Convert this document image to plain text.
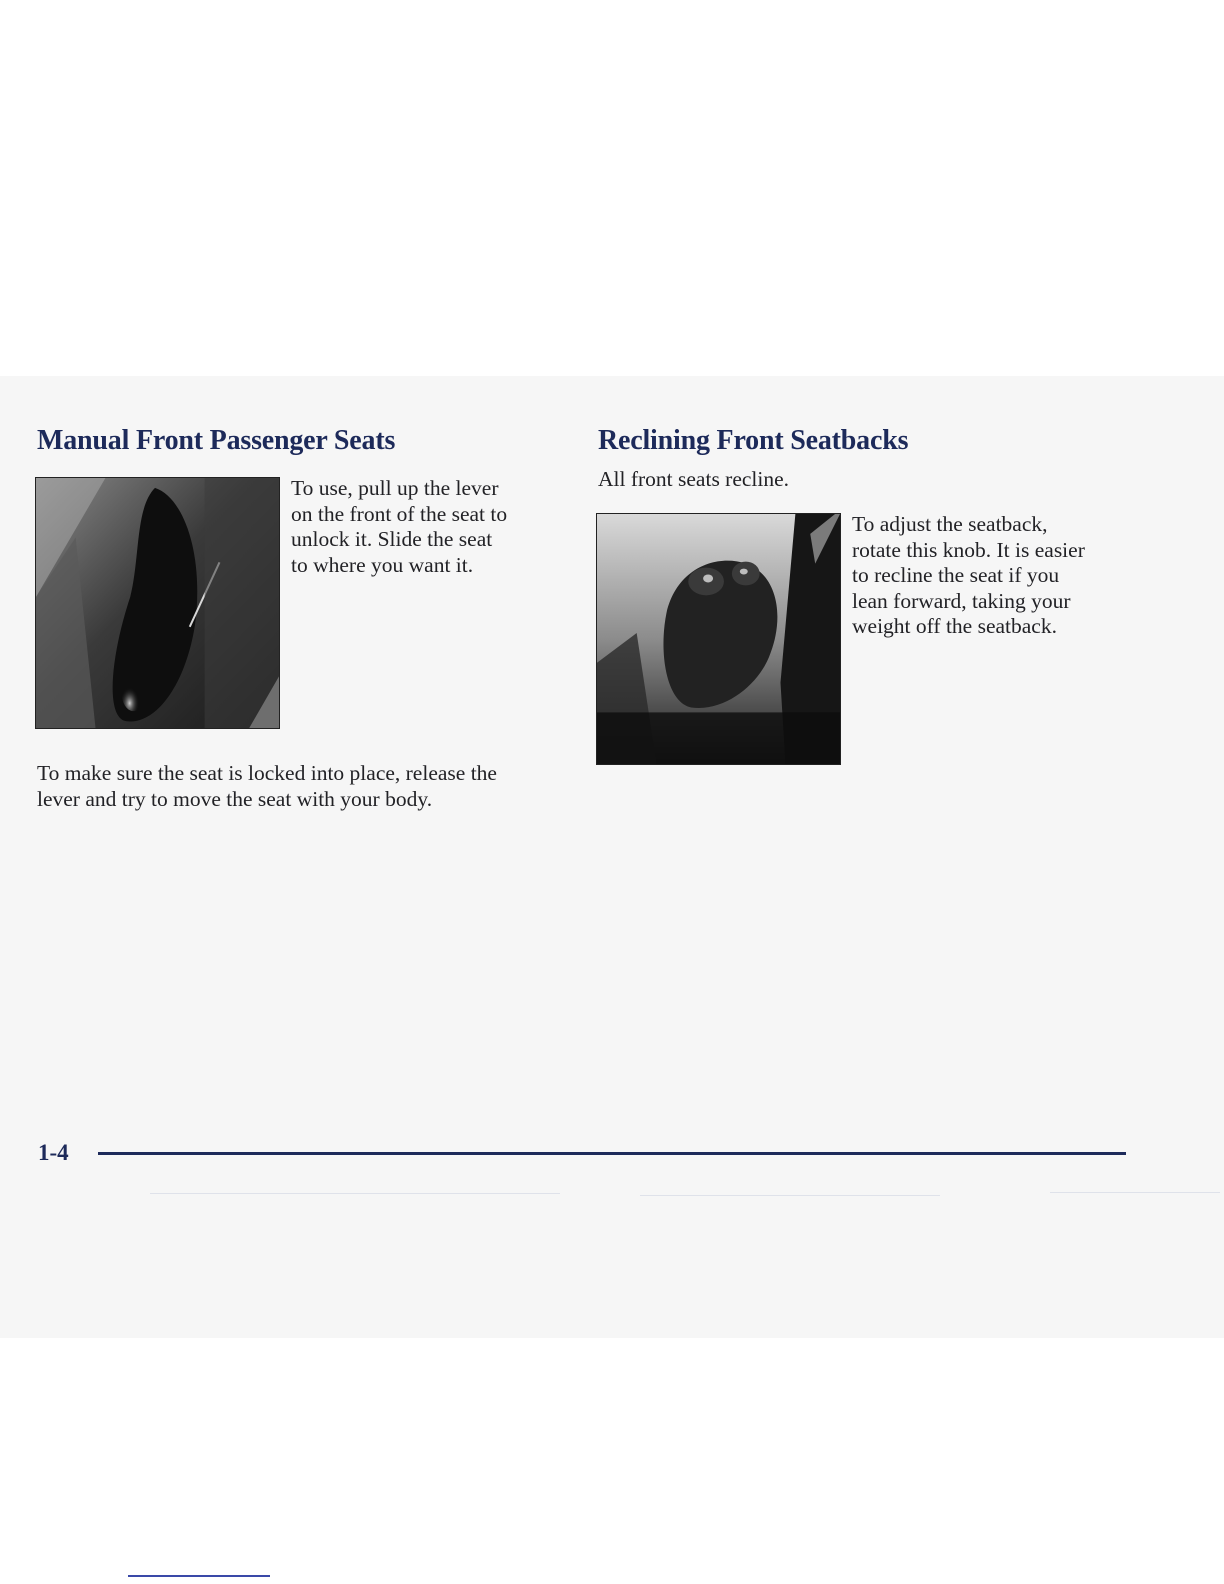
Manual Front Passenger Seats

To use, pull up the lever
on the front of the seat to
unlock it. Slide the seat
to where you want it.

To make sure the seat is locked into place, release the
lever and try to move the seat with your body.

Reclining Front Seatbacks

All front seats recline.

To adjust the seatback,
rotate this knob. It is easier
to recline the seat if you
lean forward, taking your
weight off the seatback.

1-4
